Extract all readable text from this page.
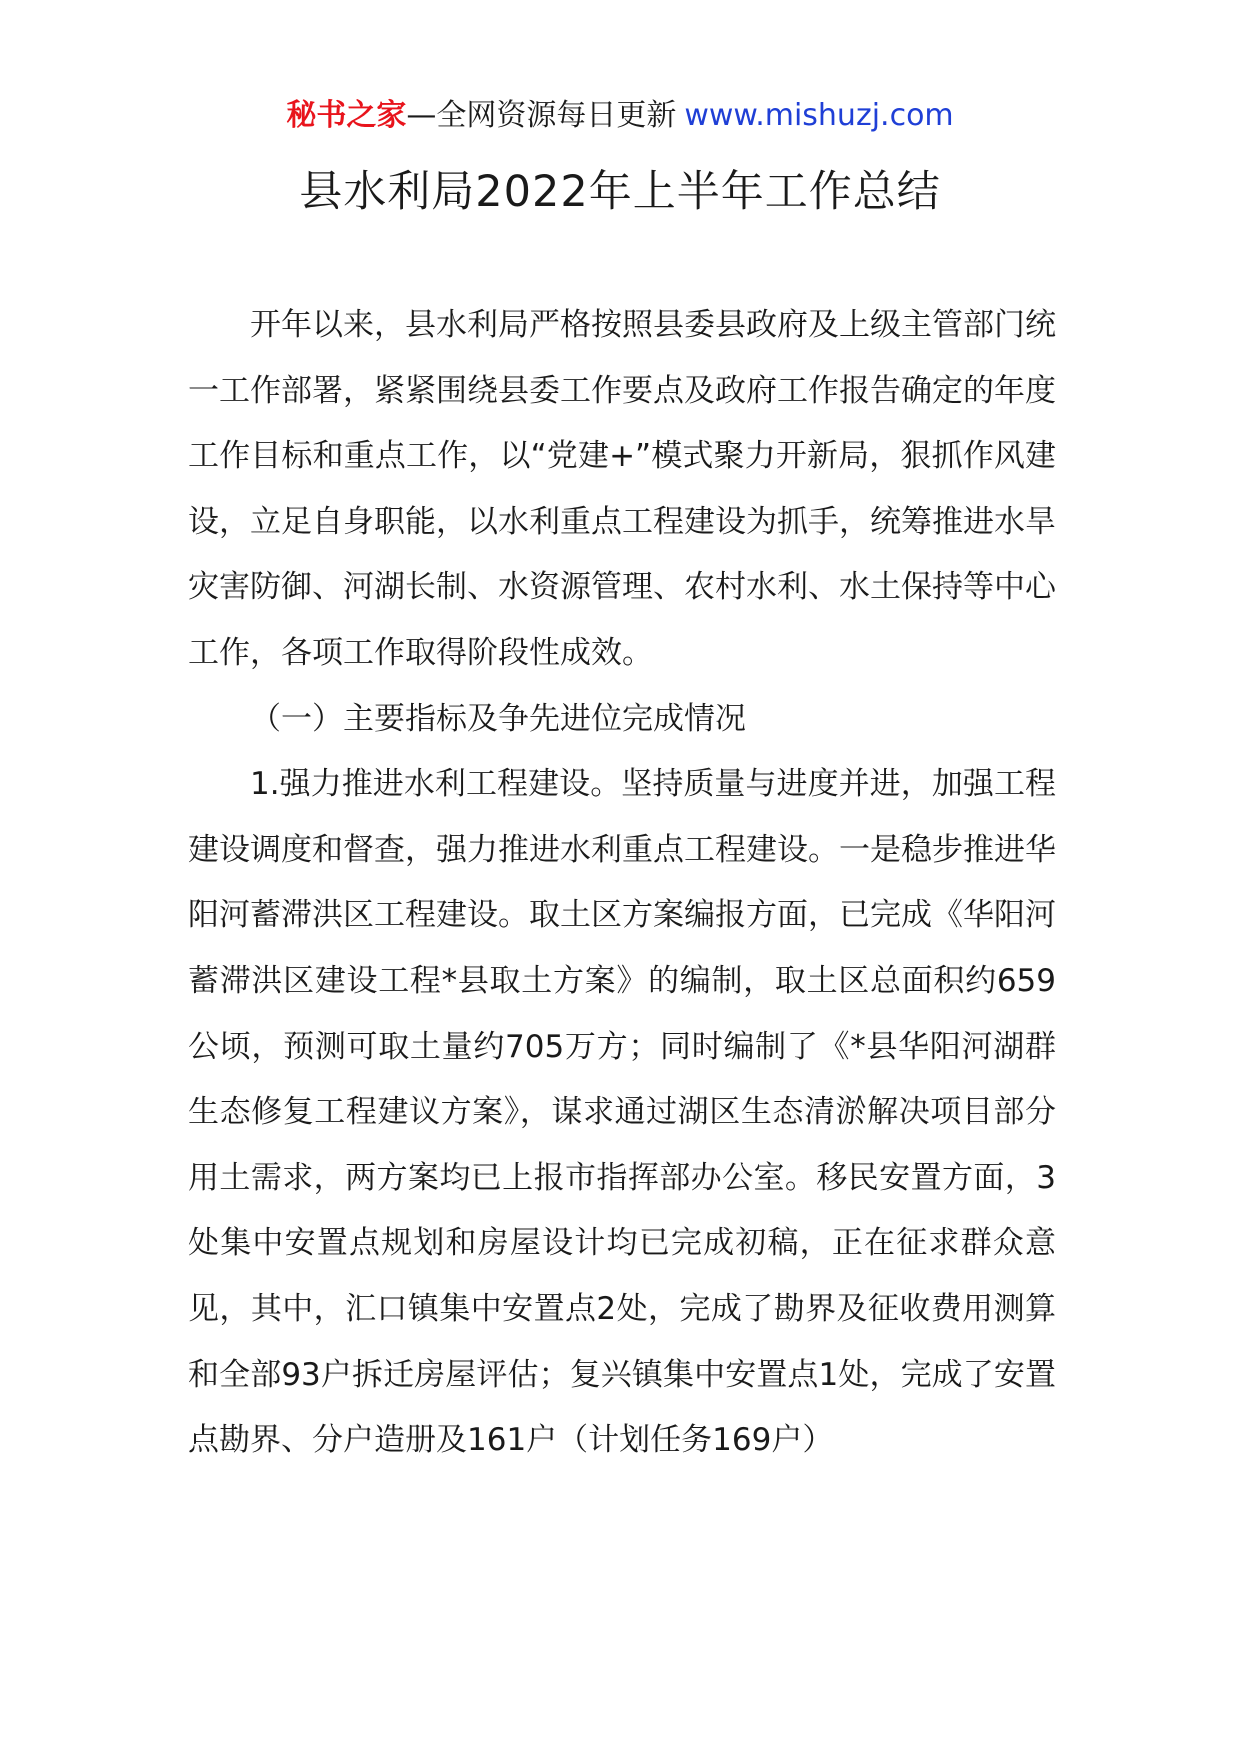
秘书之家—全网资源每日更新 www.mishuzj.com
县水利局2022年上半年工作总结

开年以来，县水利局严格按照县委县政府及上级主管部门统一工作部署，紧紧围绕县委工作要点及政府工作报告确定的年度工作目标和重点工作，以“党建+”模式聚力开新局，狠抓作风建设，立足自身职能，以水利重点工程建设为抓手，统筹推进水旱灾害防御、河湖长制、水资源管理、农村水利、水土保持等中心工作，各项工作取得阶段性成效。

（一）主要指标及争先进位完成情况

1.强力推进水利工程建设。坚持质量与进度并进，加强工程建设调度和督查，强力推进水利重点工程建设。一是稳步推进华阳河蓄滞洪区工程建设。取土区方案编报方面，已完成《华阳河蓄滞洪区建设工程*县取土方案》的编制，取土区总面积约659公顷，预测可取土量约705万方；同时编制了《*县华阳河湖群生态修复工程建议方案》，谋求通过湖区生态清淤解决项目部分用土需求，两方案均已上报市指挥部办公室。移民安置方面，3处集中安置点规划和房屋设计均已完成初稿，正在征求群众意见，其中，汇口镇集中安置点2处，完成了勘界及征收费用测算和全部93户拆迁房屋评估；复兴镇集中安置点1处，完成了安置点勘界、分户造册及161户（计划任务169户）
